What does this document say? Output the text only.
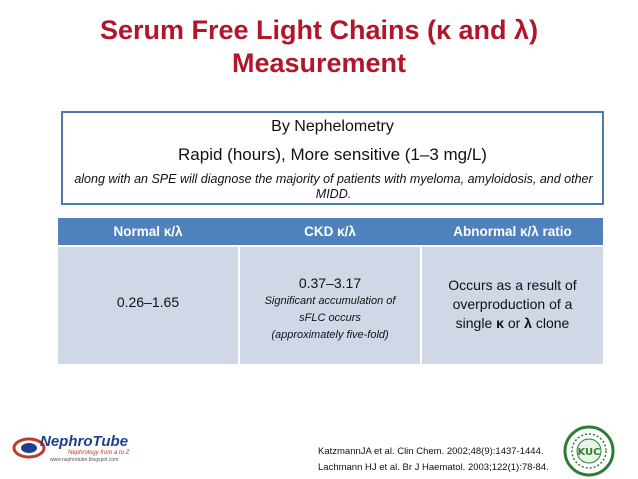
Serum Free Light Chains (κ and λ)
Measurement
By Nephelometry
Rapid (hours), More sensitive (1–3 mg/L)
along with an SPE will diagnose the majority of patients with myeloma, amyloidosis, and other MIDD.
Normal κ/λ	CKD κ/λ	Abnormal κ/λ ratio
0.26–1.65
0.37–3.17
Significant accumulation of
sFLC occurs
(approximately five-fold)
Occurs as a result of
overproduction of a
single κ or λ clone
NephroTube
Nephrology from a to Z
www.nephrotube.blogspot.com
KatzmannJA et al. Clin Chem. 2002;48(9):1437-1444.
Lachmann HJ et al. Br J Haematol. 2003;122(1):78-84.
KUC
